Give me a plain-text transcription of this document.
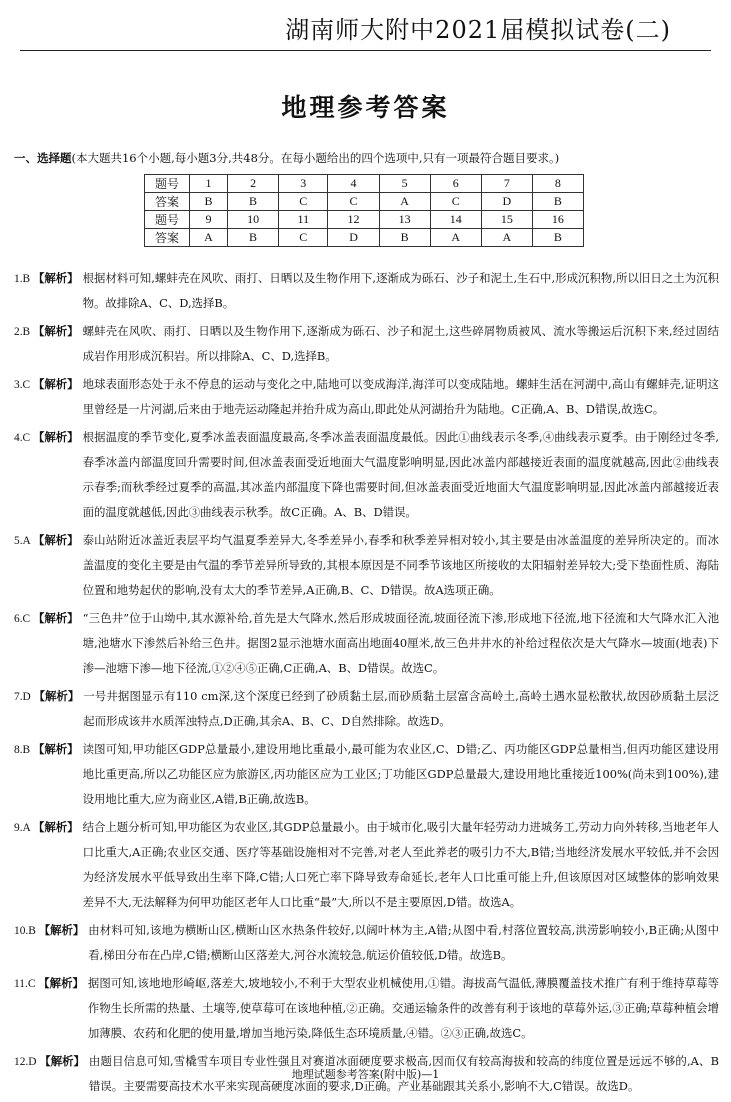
湖南师大附中2021届模拟试卷(二)
地理参考答案
一、选择题(本大题共16个小题,每小题3分,共48分。在每小题给出的四个选项中,只有一项最符合题目要求。)
题号	1	2	3	4	5	6	7	8
答案	B	B	C	C	A	C	D	B
题号	9	10	11	12	13	14	15	16
答案	A	B	C	D	B	A	A	B
1.B 【解析】 根据材料可知,螺蚌壳在风吹、雨打、日晒以及生物作用下,逐渐成为砾石、沙子和泥土,生石中,形成沉积物,所以旧日之土为沉积物。故排除A、C、D,选择B。
2.B 【解析】 螺蚌壳在风吹、雨打、日晒以及生物作用下,逐渐成为砾石、沙子和泥土,这些碎屑物质被风、流水等搬运后沉积下来,经过固结成岩作用形成沉积岩。所以排除A、C、D,选择B。
3.C 【解析】 地球表面形态处于永不停息的运动与变化之中,陆地可以变成海洋,海洋可以变成陆地。螺蚌生活在河湖中,高山有螺蚌壳,证明这里曾经是一片河湖,后来由于地壳运动隆起并抬升成为高山,即此处从河湖抬升为陆地。C正确,A、B、D错误,故选C。
4.C 【解析】 根据温度的季节变化,夏季冰盖表面温度最高,冬季冰盖表面温度最低。因此①曲线表示冬季,④曲线表示夏季。由于刚经过冬季,春季冰盖内部温度回升需要时间,但冰盖表面受近地面大气温度影响明显,因此冰盖内部越接近表面的温度就越高,因此②曲线表示春季;而秋季经过夏季的高温,其冰盖内部温度下降也需要时间,但冰盖表面受近地面大气温度影响明显,因此冰盖内部越接近表面的温度就越低,因此③曲线表示秋季。故C正确。A、B、D错误。
5.A 【解析】 泰山站附近冰盖近表层平均气温夏季差异大,冬季差异小,春季和秋季差异相对较小,其主要是由冰盖温度的差异所决定的。而冰盖温度的变化主要是由气温的季节差异所导致的,其根本原因是不同季节该地区所接收的太阳辐射差异较大;受下垫面性质、海陆位置和地势起伏的影响,没有太大的季节差异,A正确,B、C、D错误。故A选项正确。
6.C 【解析】 “三色井”位于山坳中,其水源补给,首先是大气降水,然后形成坡面径流,坡面径流下渗,形成地下径流,地下径流和大气降水汇入池塘,池塘水下渗然后补给三色井。据图2显示池塘水面高出地面40厘米,故三色井井水的补给过程依次是大气降水—坡面(地表)下渗—池塘下渗—地下径流,①②④⑤正确,C正确,A、B、D错误。故选C。
7.D 【解析】 一号井据图显示有110 cm深,这个深度已经到了砂质黏土层,而砂质黏土层富含高岭土,高岭土遇水显松散状,故因砂质黏土层泛起而形成该井水质浑浊特点,D正确,其余A、B、C、D自然排除。故选D。
8.B 【解析】 读图可知,甲功能区GDP总量最小,建设用地比重最小,最可能为农业区,C、D错;乙、丙功能区GDP总量相当,但丙功能区建设用地比重更高,所以乙功能区应为旅游区,丙功能区应为工业区;丁功能区GDP总量最大,建设用地比重接近100%(尚未到100%),建设用地比重大,应为商业区,A错,B正确,故选B。
9.A 【解析】 结合上题分析可知,甲功能区为农业区,其GDP总量最小。由于城市化,吸引大量年轻劳动力进城务工,劳动力向外转移,当地老年人口比重大,A正确;农业区交通、医疗等基础设施相对不完善,对老人至此养老的吸引力不大,B错;当地经济发展水平较低,并不会因为经济发展水平低导致出生率下降,C错;人口死亡率下降导致寿命延长,老年人口比重可能上升,但该原因对区域整体的影响效果差异不大,无法解释为何甲功能区老年人口比重“最”大,所以不是主要原因,D错。故选A。
10.B 【解析】 由材料可知,该地为横断山区,横断山区水热条件较好,以阔叶林为主,A错;从图中看,村落位置较高,洪涝影响较小,B正确;从图中看,梯田分布在凸岸,C错;横断山区落差大,河谷水流较急,航运价值较低,D错。故选B。
11.C 【解析】 据图可知,该地地形崎岖,落差大,坡地较小,不利于大型农业机械使用,①错。海拔高气温低,薄膜覆盖技术推广有利于维持草莓等作物生长所需的热量、土壤等,使草莓可在该地种植,②正确。交通运输条件的改善有利于该地的草莓外运,③正确;草莓种植会增加薄膜、农药和化肥的使用量,增加当地污染,降低生态环境质量,④错。②③正确,故选C。
12.D 【解析】 由题目信息可知,雪橇雪车项目专业性强且对赛道冰面硬度要求极高,因而仅有较高海拔和较高的纬度位置是远远不够的,A、B错误。主要需要高技术水平来实现高硬度冰面的要求,D正确。产业基础跟其关系小,影响不大,C错误。故选D。
地理试题参考答案(附中版)—1
